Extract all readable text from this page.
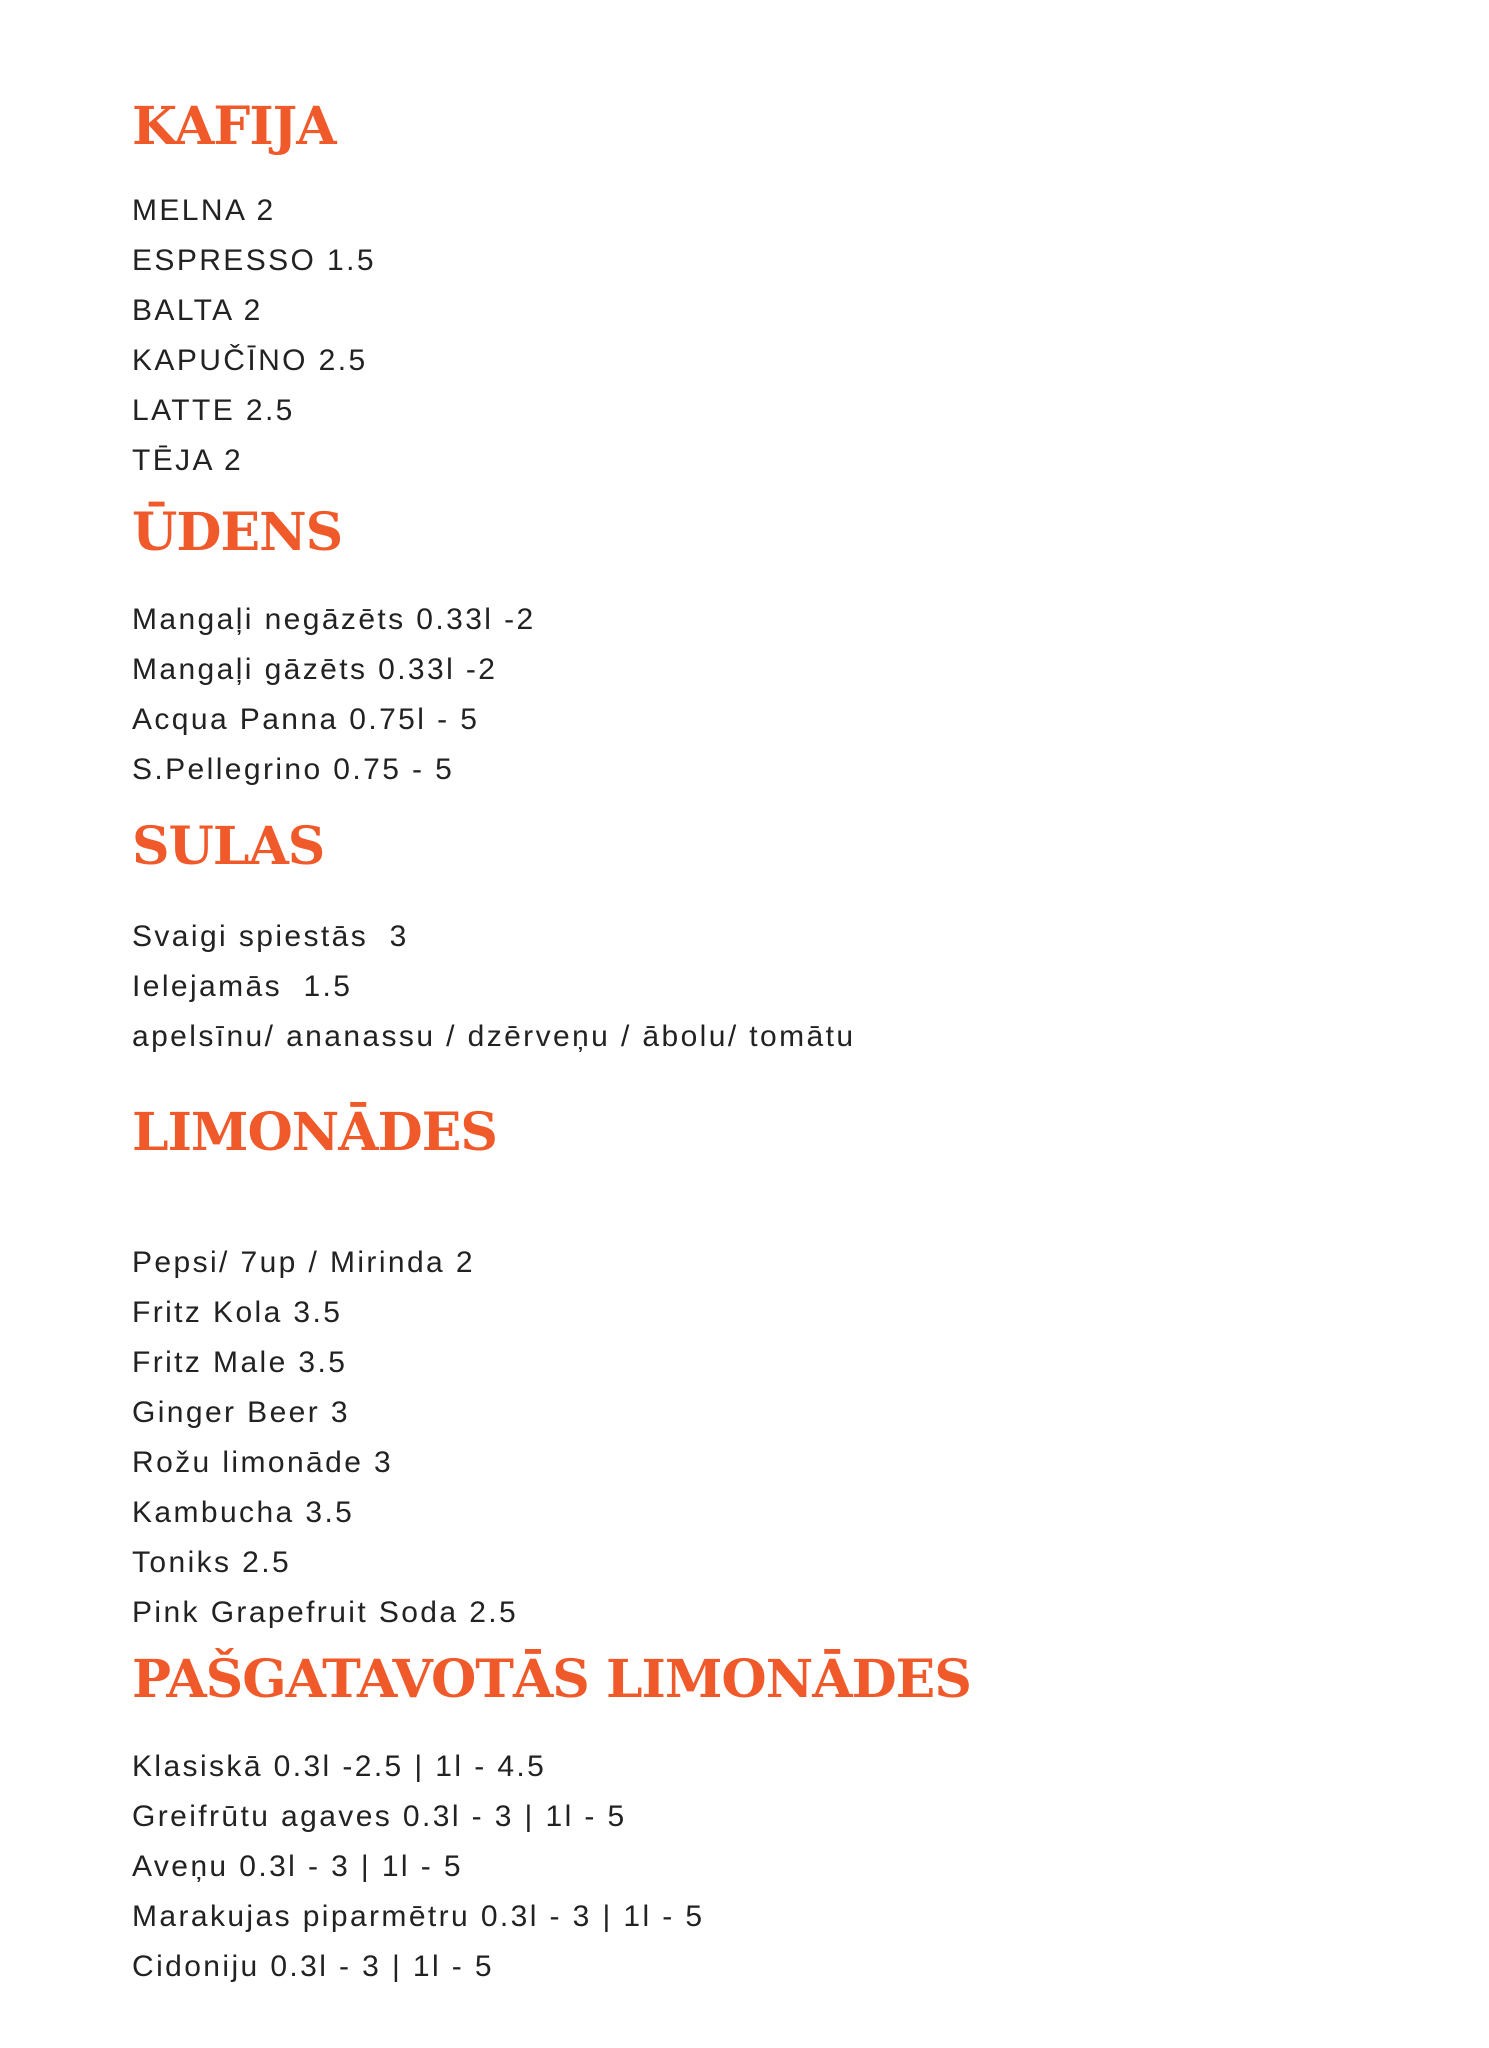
KAFIJA
MELNA 2
ESPRESSO 1.5
BALTA 2
KAPUČĪNO 2.5
LATTE 2.5
TĒJA 2
ŪDENS
Mangaļi negāzēts 0.33l -2
Mangaļi gāzēts 0.33l -2
Acqua Panna 0.75l - 5
S.Pellegrino 0.75 - 5
SULAS
Svaigi spiestās  3
Ielejamās  1.5
apelsīnu/ ananassu / dzērveņu / ābolu/ tomātu
LIMONĀDES
Pepsi/ 7up / Mirinda 2
Fritz Kola 3.5
Fritz Male 3.5
Ginger Beer 3
Rožu limonāde 3
Kambucha 3.5
Toniks 2.5
Pink Grapefruit Soda 2.5
PAŠGATAVOTĀS LIMONĀDES
Klasiskā 0.3l -2.5 | 1l - 4.5
Greifrūtu agaves 0.3l - 3 | 1l - 5
Aveņu 0.3l - 3 | 1l - 5
Marakujas piparmētru 0.3l - 3 | 1l - 5
Cidoniju 0.3l - 3 | 1l - 5
